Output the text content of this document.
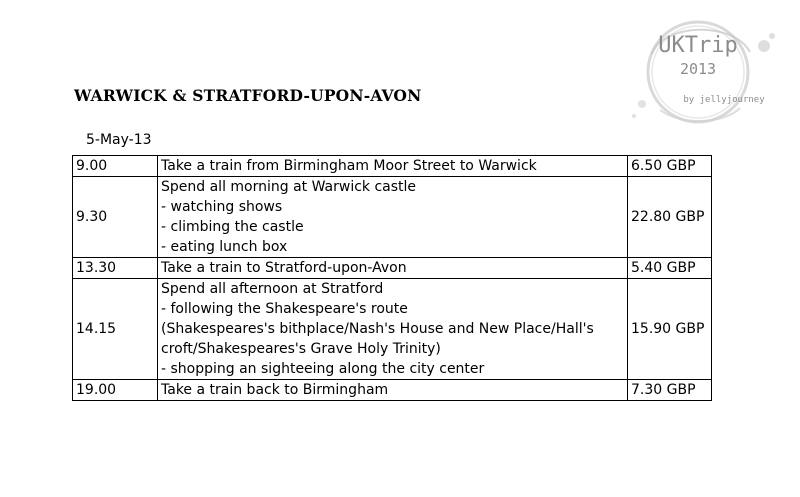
UKTrip
2013
by jellyjourney
WARWICK & STRATFORD-UPON-AVON
5-May-13
9.00	Take a train from Birmingham Moor Street to Warwick	6.50 GBP
9.30	Spend all morning at Warwick castle
- watching shows
- climbing the castle
- eating lunch box	22.80 GBP
13.30	Take a train to Stratford-upon-Avon	5.40 GBP
14.15	Spend all afternoon at Stratford
- following the Shakespeare's route
(Shakespeares's bithplace/Nash's House and New Place/Hall's
croft/Shakespeares's Grave Holy Trinity)
- shopping an sighteeing along the city center	15.90 GBP
19.00	Take a train back to Birmingham	7.30 GBP
